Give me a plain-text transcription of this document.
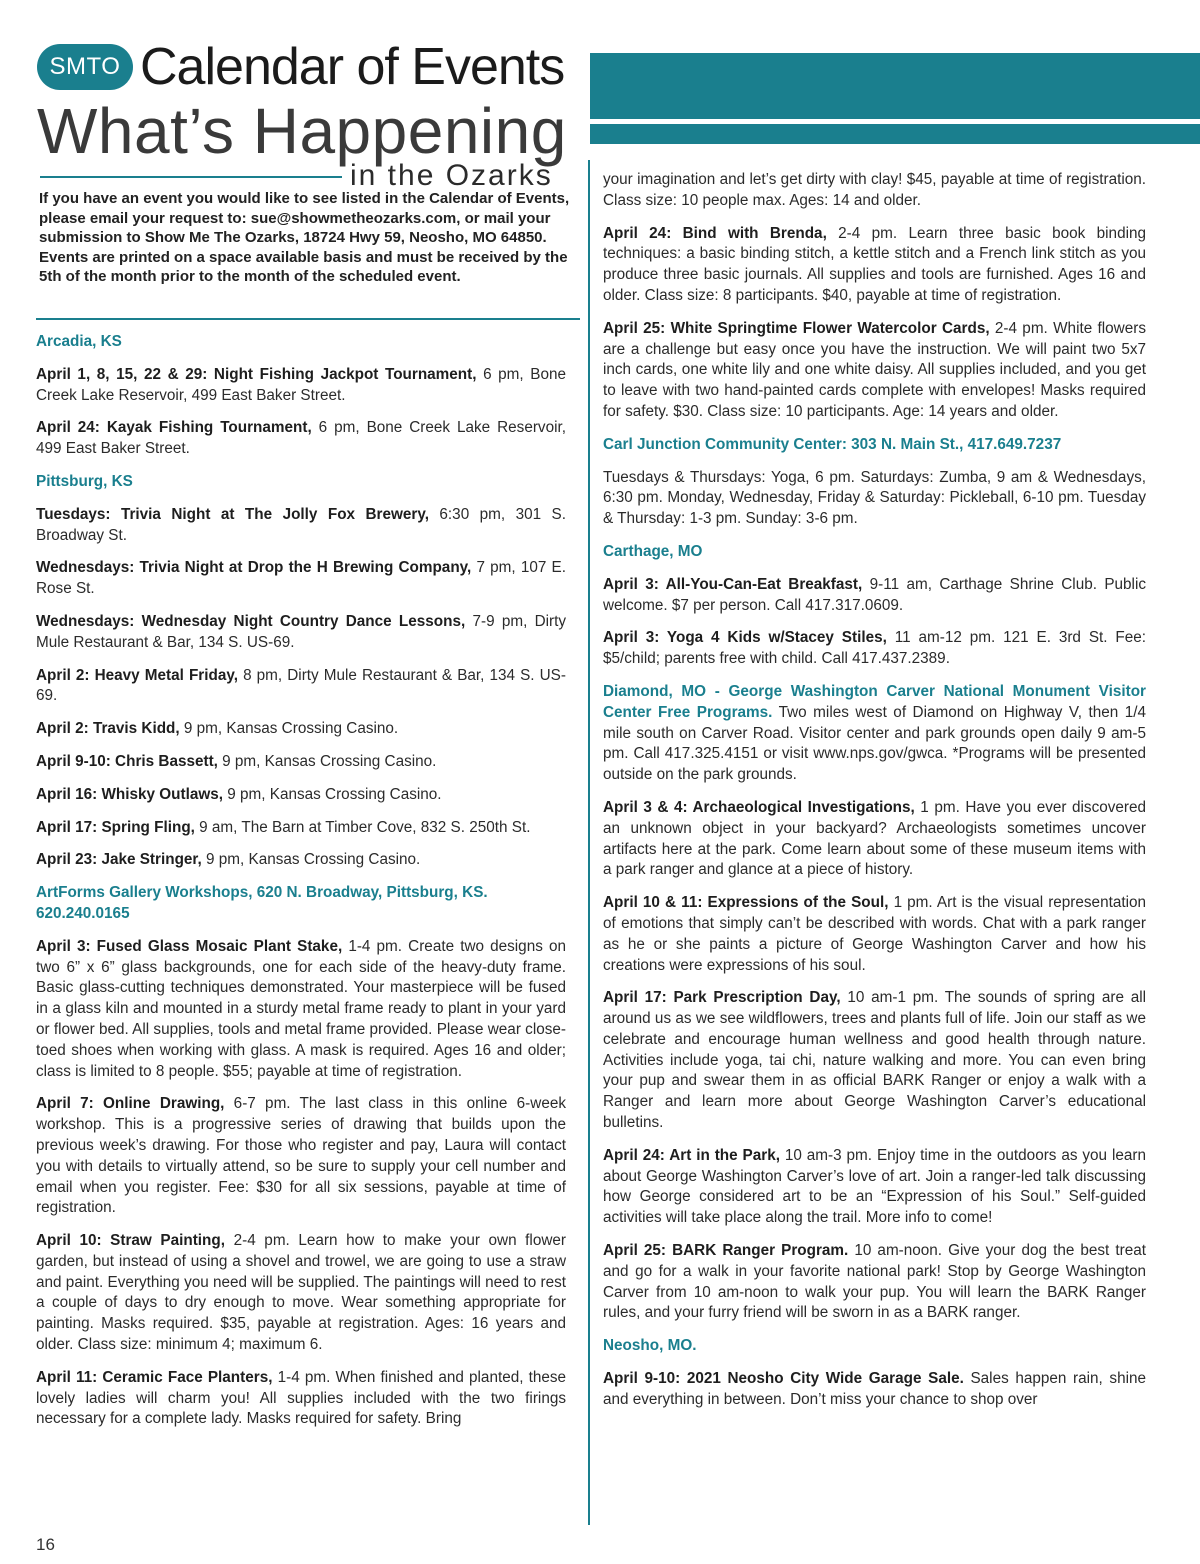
SMTO Calendar of Events
What’s Happening
in the Ozarks

If you have an event you would like to see listed in the Calendar of Events, please email your request to: sue@showmetheozarks.com, or mail your submission to Show Me The Ozarks, 18724 Hwy 59, Neosho, MO 64850. Events are printed on a space available basis and must be received by the 5th of the month prior to the month of the scheduled event.

Arcadia, KS

April 1, 8, 15, 22 & 29: Night Fishing Jackpot Tournament, 6 pm, Bone Creek Lake Reservoir, 499 East Baker Street.

April 24: Kayak Fishing Tournament, 6 pm, Bone Creek Lake Reservoir, 499 East Baker Street.

Pittsburg, KS

Tuesdays: Trivia Night at The Jolly Fox Brewery, 6:30 pm, 301 S. Broadway St.

Wednesdays: Trivia Night at Drop the H Brewing Company, 7 pm, 107 E. Rose St.

Wednesdays: Wednesday Night Country Dance Lessons, 7-9 pm, Dirty Mule Restaurant & Bar, 134 S. US-69.

April 2: Heavy Metal Friday, 8 pm, Dirty Mule Restaurant & Bar, 134 S. US-69.

April 2: Travis Kidd, 9 pm, Kansas Crossing Casino.

April 9-10: Chris Bassett, 9 pm, Kansas Crossing Casino.

April 16: Whisky Outlaws, 9 pm, Kansas Crossing Casino.

April 17: Spring Fling, 9 am, The Barn at Timber Cove, 832 S. 250th St.

April 23: Jake Stringer, 9 pm, Kansas Crossing Casino.

ArtForms Gallery Workshops, 620 N. Broadway, Pittsburg, KS. 620.240.0165

April 3: Fused Glass Mosaic Plant Stake, 1-4 pm. Create two designs on two 6” x 6” glass backgrounds, one for each side of the heavy-duty frame. Basic glass-cutting techniques demonstrated. Your masterpiece will be fused in a glass kiln and mounted in a sturdy metal frame ready to plant in your yard or flower bed. All supplies, tools and metal frame provided. Please wear close-toed shoes when working with glass. A mask is required. Ages 16 and older; class is limited to 8 people. $55; payable at time of registration.

April 7: Online Drawing, 6-7 pm. The last class in this online 6-week workshop. This is a progressive series of drawing that builds upon the previous week’s drawing. For those who register and pay, Laura will contact you with details to virtually attend, so be sure to supply your cell number and email when you register. Fee: $30 for all six sessions, payable at time of registration.

April 10: Straw Painting, 2-4 pm. Learn how to make your own flower garden, but instead of using a shovel and trowel, we are going to use a straw and paint. Everything you need will be supplied. The paintings will need to rest a couple of days to dry enough to move. Wear something appropriate for painting. Masks required. $35, payable at registration. Ages: 16 years and older. Class size: minimum 4; maximum 6.

April 11: Ceramic Face Planters, 1-4 pm. When finished and planted, these lovely ladies will charm you! All supplies included with the two firings necessary for a complete lady. Masks required for safety. Bring

your imagination and let’s get dirty with clay! $45, payable at time of registration. Class size: 10 people max. Ages: 14 and older.

April 24: Bind with Brenda, 2-4 pm. Learn three basic book binding techniques: a basic binding stitch, a kettle stitch and a French link stitch as you produce three basic journals. All supplies and tools are furnished. Ages 16 and older. Class size: 8 participants. $40, payable at time of registration.

April 25: White Springtime Flower Watercolor Cards, 2-4 pm. White flowers are a challenge but easy once you have the instruction. We will paint two 5x7 inch cards, one white lily and one white daisy. All supplies included, and you get to leave with two hand-painted cards complete with envelopes! Masks required for safety. $30. Class size: 10 participants. Age: 14 years and older.

Carl Junction Community Center: 303 N. Main St., 417.649.7237

Tuesdays & Thursdays: Yoga, 6 pm. Saturdays: Zumba, 9 am & Wednesdays, 6:30 pm. Monday, Wednesday, Friday & Saturday: Pickleball, 6-10 pm. Tuesday & Thursday: 1-3 pm. Sunday: 3-6 pm.

Carthage, MO

April 3: All-You-Can-Eat Breakfast, 9-11 am, Carthage Shrine Club. Public welcome. $7 per person. Call 417.317.0609.

April 3: Yoga 4 Kids w/Stacey Stiles, 11 am-12 pm. 121 E. 3rd St. Fee: $5/child; parents free with child. Call 417.437.2389.

Diamond, MO - George Washington Carver National Monument Visitor Center Free Programs. Two miles west of Diamond on Highway V, then 1/4 mile south on Carver Road. Visitor center and park grounds open daily 9 am-5 pm. Call 417.325.4151 or visit www.nps.gov/gwca. *Programs will be presented outside on the park grounds.

April 3 & 4: Archaeological Investigations, 1 pm. Have you ever discovered an unknown object in your backyard? Archaeologists sometimes uncover artifacts here at the park. Come learn about some of these museum items with a park ranger and glance at a piece of history.

April 10 & 11: Expressions of the Soul, 1 pm. Art is the visual representation of emotions that simply can’t be described with words. Chat with a park ranger as he or she paints a picture of George Washington Carver and how his creations were expressions of his soul.

April 17: Park Prescription Day, 10 am-1 pm. The sounds of spring are all around us as we see wildflowers, trees and plants full of life. Join our staff as we celebrate and encourage human wellness and good health through nature. Activities include yoga, tai chi, nature walking and more. You can even bring your pup and swear them in as official BARK Ranger or enjoy a walk with a Ranger and learn more about George Washington Carver’s educational bulletins.

April 24: Art in the Park, 10 am-3 pm. Enjoy time in the outdoors as you learn about George Washington Carver’s love of art. Join a ranger-led talk discussing how George considered art to be an “Expression of his Soul.” Self-guided activities will take place along the trail. More info to come!

April 25: BARK Ranger Program. 10 am-noon. Give your dog the best treat and go for a walk in your favorite national park! Stop by George Washington Carver from 10 am-noon to walk your pup. You will learn the BARK Ranger rules, and your furry friend will be sworn in as a BARK ranger.

Neosho, MO.

April 9-10: 2021 Neosho City Wide Garage Sale. Sales happen rain, shine and everything in between. Don’t miss your chance to shop over

16
